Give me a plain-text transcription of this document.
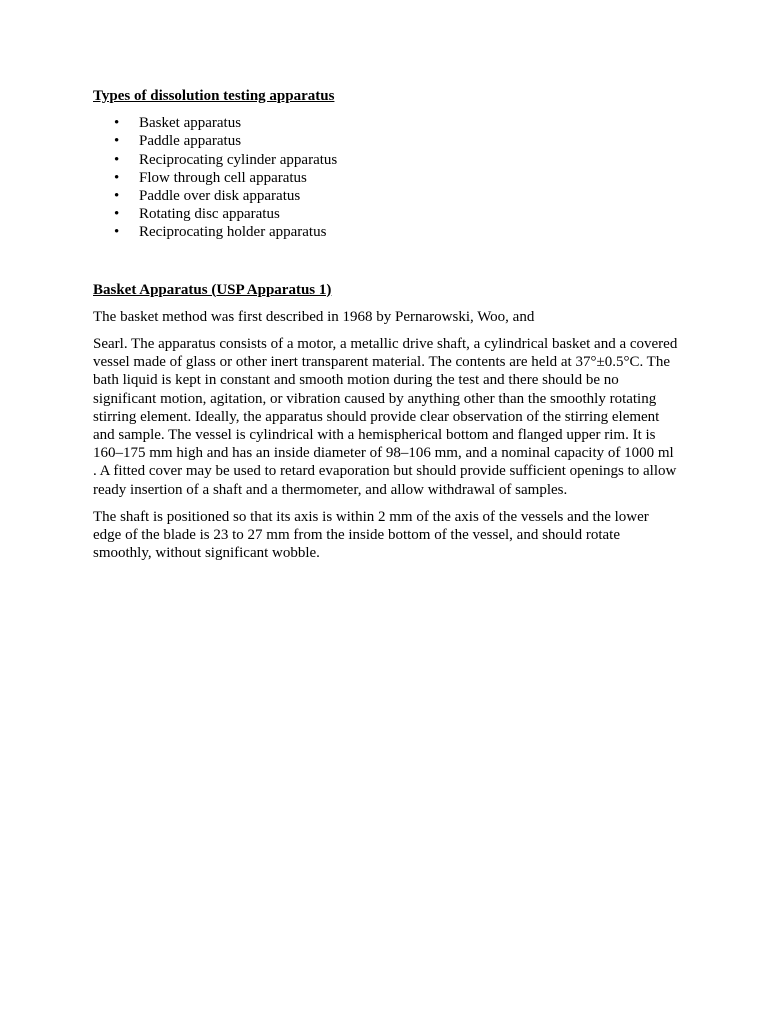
Types of dissolution testing apparatus

• Basket apparatus
• Paddle apparatus
• Reciprocating cylinder apparatus
• Flow through cell apparatus
• Paddle over disk apparatus
• Rotating disc apparatus
• Reciprocating holder apparatus

Basket Apparatus (USP Apparatus 1)

The basket method was first described in 1968 by Pernarowski, Woo, and

Searl. The apparatus consists of a motor, a metallic drive shaft, a cylindrical basket and a covered vessel made of glass or other inert transparent material. The contents are held at 37°±0.5°C. The bath liquid is kept in constant and smooth motion during the test and there should be no significant motion, agitation, or vibration caused by anything other than the smoothly rotating stirring element. Ideally, the apparatus should provide clear observation of the stirring element and sample. The vessel is cylindrical with a hemispherical bottom and flanged upper rim. It is 160–175 mm high and has an inside diameter of 98–106 mm, and a nominal capacity of 1000 ml . A fitted cover may be used to retard evaporation but should provide sufficient openings to allow ready insertion of a shaft and a thermometer, and allow withdrawal of samples.

The shaft is positioned so that its axis is within 2 mm of the axis of the vessels and the lower edge of the blade is 23 to 27 mm from the inside bottom of the vessel, and should rotate smoothly, without significant wobble.
